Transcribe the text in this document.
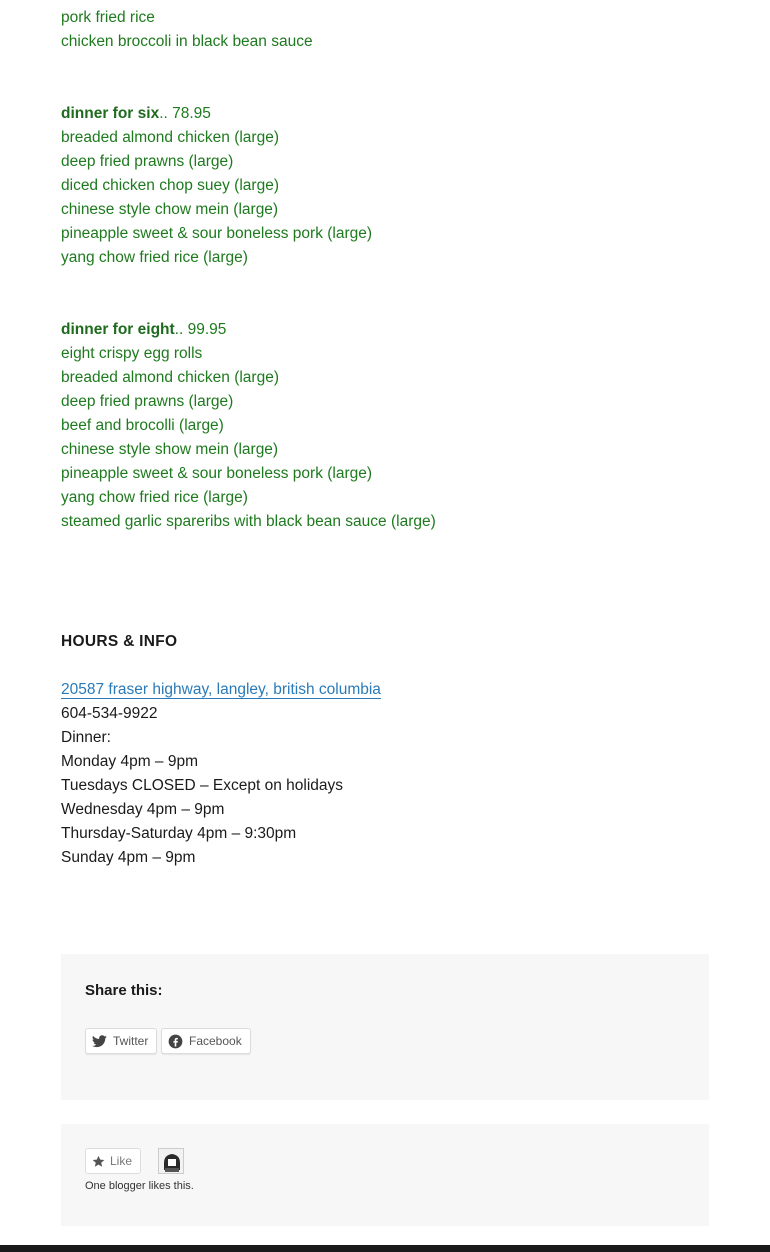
pork fried rice
chicken broccoli in black bean sauce
dinner for six.. 78.95
breaded almond chicken (large)
deep fried prawns (large)
diced chicken chop suey (large)
chinese style chow mein (large)
pineapple sweet & sour boneless pork (large)
yang chow fried rice (large)
dinner for eight.. 99.95
eight crispy egg rolls
breaded almond chicken (large)
deep fried prawns (large)
beef and brocolli (large)
chinese style show mein (large)
pineapple sweet & sour boneless pork (large)
yang chow fried rice (large)
steamed garlic spareribs with black bean sauce (large)
HOURS & INFO
20587 fraser highway, langley, british columbia
604-534-9922
Dinner:
Monday 4pm – 9pm
Tuesdays CLOSED – Except on holidays
Wednesday 4pm – 9pm
Thursday-Saturday 4pm – 9:30pm
Sunday 4pm – 9pm
Share this:
Twitter	Facebook
Like
One blogger likes this.
